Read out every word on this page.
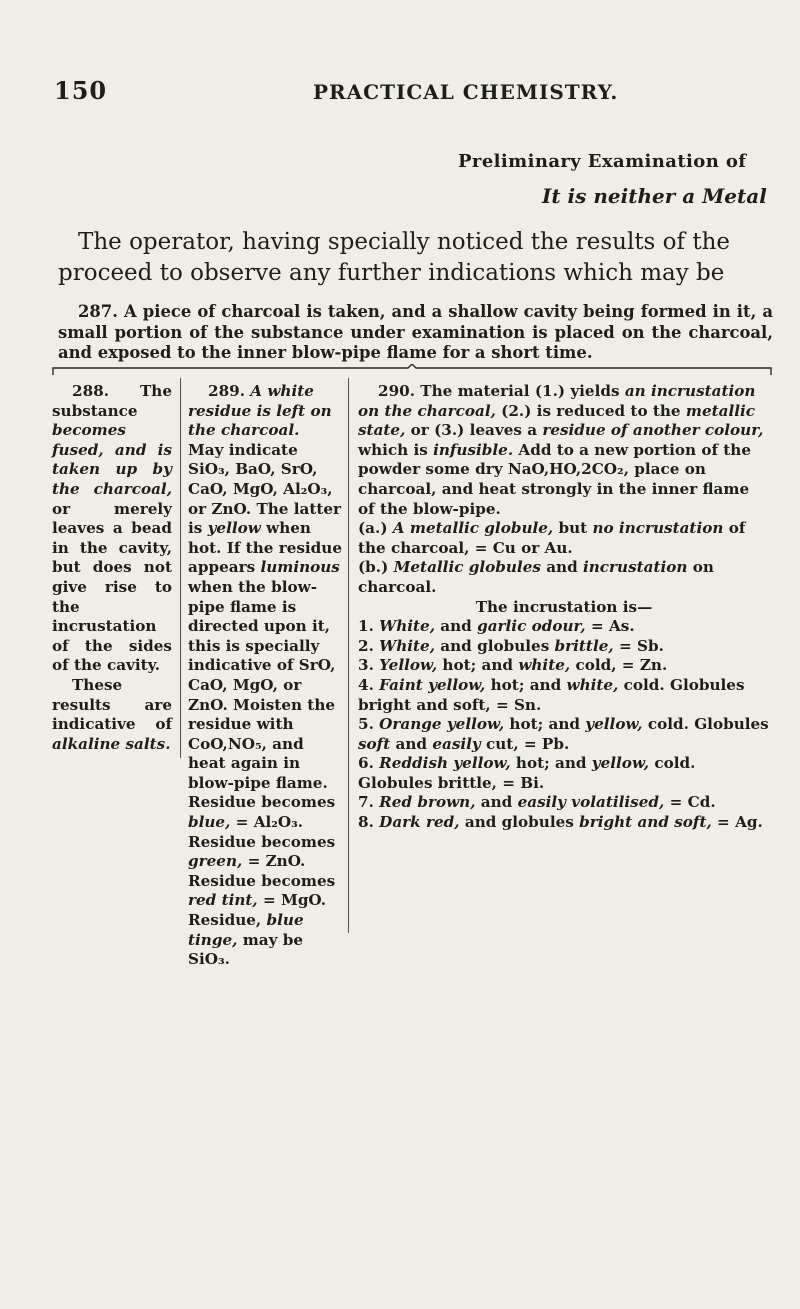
150	PRACTICAL CHEMISTRY.
Preliminary Examination of
It is neither a Metal
The operator, having specially noticed the results of the
proceed to observe any further indications which may be
287. A piece of charcoal is taken, and a shallow cavity being formed in it, a small portion of the substance under examination is placed on the charcoal, and exposed to the inner blow-pipe flame for a short time.

288. The substance becomes fused, and is taken up by the charcoal, or merely leaves a bead in the cavity, but does not give rise to the incrustation of the sides of the cavity.

These results are indicative of alkaline salts.

289. A white residue is left on the charcoal.

May indicate SiO₃, BaO, SrO, CaO, MgO, Al₂O₃, or ZnO. The latter is yellow when hot. If the residue appears luminous when the blow-pipe flame is directed upon it, this is specially indicative of SrO, CaO, MgO, or ZnO. Moisten the residue with CoO,NO₅, and heat again in blow-pipe flame.

Residue becomes blue, = Al₂O₃.

Residue becomes green, = ZnO.

Residue becomes red tint, = MgO.

Residue, blue tinge, may be SiO₃.

290. The material (1.) yields an incrustation on the charcoal, (2.) is reduced to the metallic state, or (3.) leaves a residue of another colour, which is infusible. Add to a new portion of the powder some dry NaO,HO,2CO₂, place on charcoal, and heat strongly in the inner flame of the blow-pipe.

(a.) A metallic globule, but no incrustation of the charcoal, = Cu or Au.

(b.) Metallic globules and incrustation on charcoal.

The incrustation is—

1. White, and garlic odour, = As.

2. White, and globules brittle, = Sb.

3. Yellow, hot; and white, cold, = Zn.

4. Faint yellow, hot; and white, cold. Globules bright and soft, = Sn.

5. Orange yellow, hot; and yellow, cold. Globules soft and easily cut, = Pb.

6. Reddish yellow, hot; and yellow, cold. Globules brittle, = Bi.

7. Red brown, and easily volatilised, = Cd.

8. Dark red, and globules bright and soft, = Ag.
